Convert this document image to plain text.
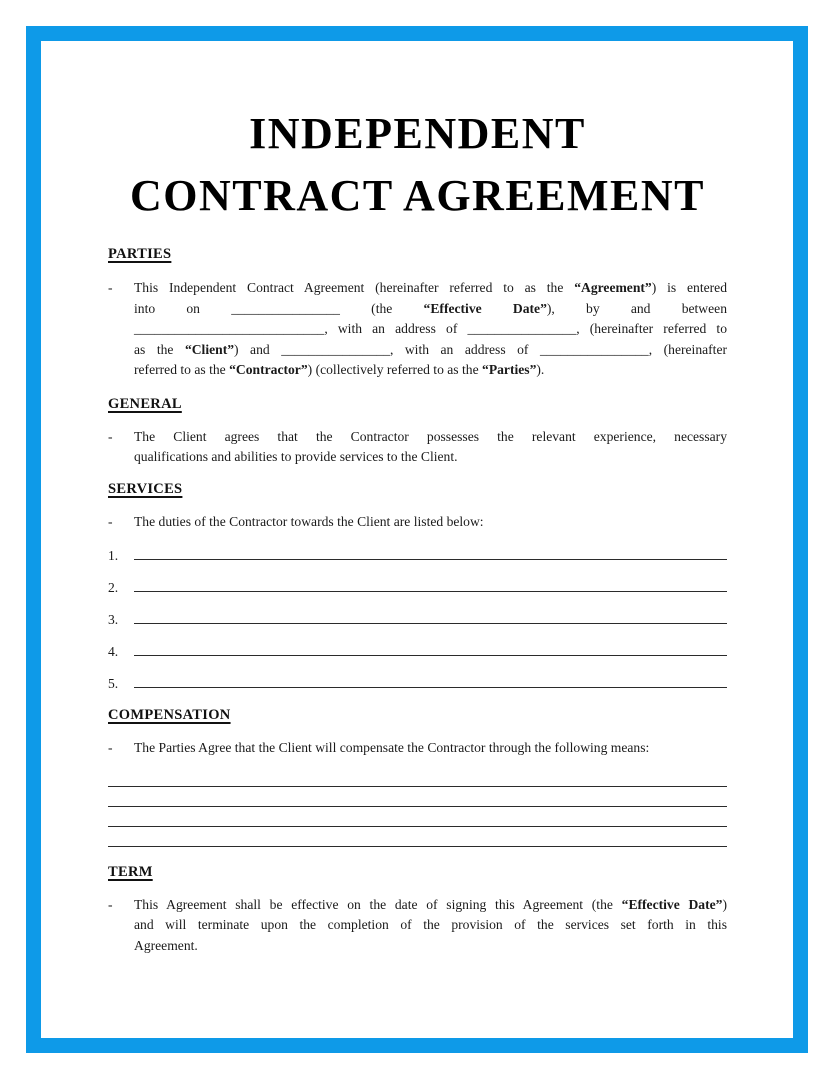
INDEPENDENT
CONTRACT AGREEMENT
PARTIES
-	This Independent Contract Agreement (hereinafter referred to as the “Agreement”) is entered
into on ________________ (the “Effective Date”), by and between
____________________________, with an address of ________________, (hereinafter referred to
as the “Client”) and ________________, with an address of ________________, (hereinafter
referred to as the “Contractor”) (collectively referred to as the “Parties”).
GENERAL
-	The Client agrees that the Contractor possesses the relevant experience, necessary
qualifications and abilities to provide services to the Client.
SERVICES
-	The duties of the Contractor towards the Client are listed below:
1.
2.
3.
4.
5.
COMPENSATION
-	The Parties Agree that the Client will compensate the Contractor through the following means:
TERM
-	This Agreement shall be effective on the date of signing this Agreement (the “Effective Date”)
and will terminate upon the completion of the provision of the services set forth in this
Agreement.
